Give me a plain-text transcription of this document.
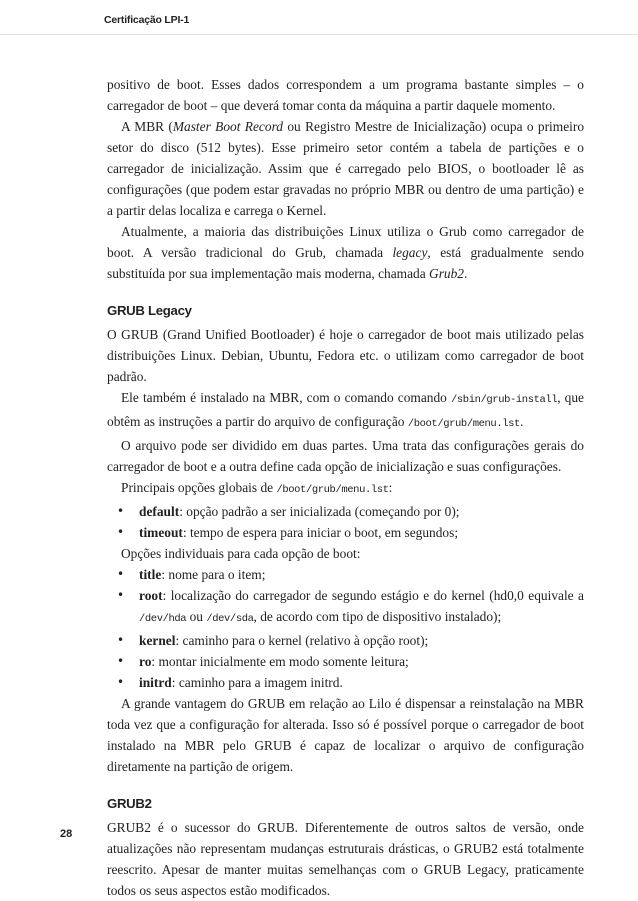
Certificação LPI-1

positivo de boot. Esses dados correspondem a um programa bastante simples – o carregador de boot – que deverá tomar conta da máquina a partir daquele momento.

A MBR (Master Boot Record ou Registro Mestre de Inicialização) ocupa o primeiro setor do disco (512 bytes). Esse primeiro setor contém a tabela de partições e o carregador de inicialização. Assim que é carregado pelo BIOS, o bootloader lê as configurações (que podem estar gravadas no próprio MBR ou dentro de uma partição) e a partir delas localiza e carrega o Kernel.

Atualmente, a maioria das distribuições Linux utiliza o Grub como carregador de boot. A versão tradicional do Grub, chamada legacy, está gradualmente sendo substituída por sua implementação mais moderna, chamada Grub2.

GRUB Legacy

O GRUB (Grand Unified Bootloader) é hoje o carregador de boot mais utilizado pelas distribuições Linux. Debian, Ubuntu, Fedora etc. o utilizam como carregador de boot padrão.

Ele também é instalado na MBR, com o comando comando /sbin/grub-install, que obtêm as instruções a partir do arquivo de configuração /boot/grub/menu.lst.

O arquivo pode ser dividido em duas partes. Uma trata das configurações gerais do carregador de boot e a outra define cada opção de inicialização e suas configurações.

Principais opções globais de /boot/grub/menu.lst:

• default: opção padrão a ser inicializada (começando por 0);
• timeout: tempo de espera para iniciar o boot, em segundos;

Opções individuais para cada opção de boot:

• title: nome para o item;
• root: localização do carregador de segundo estágio e do kernel (hd0,0 equivale a /dev/hda ou /dev/sda, de acordo com tipo de dispositivo instalado);
• kernel: caminho para o kernel (relativo à opção root);
• ro: montar inicialmente em modo somente leitura;
• initrd: caminho para a imagem initrd.

A grande vantagem do GRUB em relação ao Lilo é dispensar a reinstalação na MBR toda vez que a configuração for alterada. Isso só é possível porque o carregador de boot instalado na MBR pelo GRUB é capaz de localizar o arquivo de configuração diretamente na partição de origem.

GRUB2

GRUB2 é o sucessor do GRUB. Diferentemente de outros saltos de versão, onde atualizações não representam mudanças estruturais drásticas, o GRUB2 está totalmente reescrito. Apesar de manter muitas semelhanças com o GRUB Legacy, praticamente todos os seus aspectos estão modificados.

28
